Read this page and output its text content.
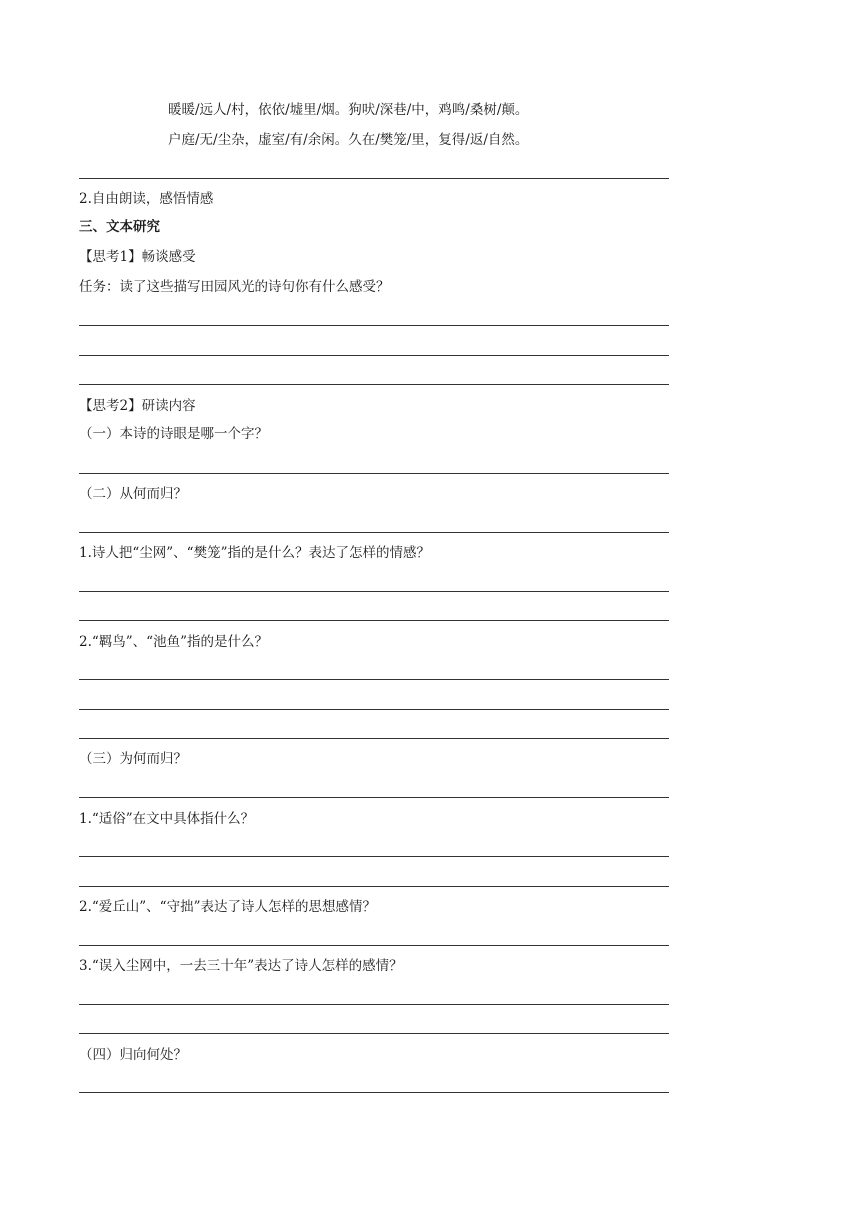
暖暖/远人/村，依依/墟里/烟。狗吠/深巷/中，鸡鸣/桑树/颠。
户庭/无/尘杂，虚室/有/余闲。久在/樊笼/里，复得/返/自然。
2.自由朗读，感悟情感
三、文本研究
【思考1】畅谈感受
任务：读了这些描写田园风光的诗句你有什么感受？
【思考2】研读内容
（一）本诗的诗眼是哪一个字？
（二）从何而归？
1.诗人把“尘网”、“樊笼”指的是什么？表达了怎样的情感？
2.“羁鸟”、“池鱼”指的是什么？
（三）为何而归？
1.“适俗”在文中具体指什么？
2.“爱丘山”、“守拙”表达了诗人怎样的思想感情？
3.“误入尘网中，一去三十年”表达了诗人怎样的感情？
（四）归向何处？
